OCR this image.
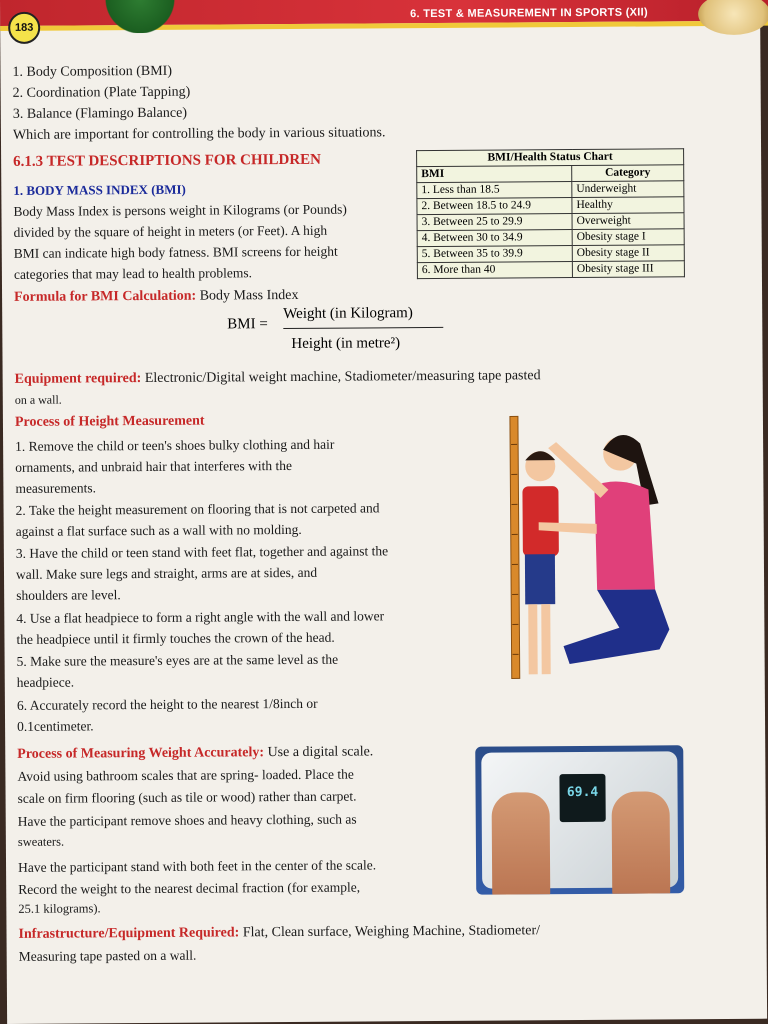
183
6. TEST & MEASUREMENT IN SPORTS (XII)
1. Body Composition (BMI)
2. Coordination (Plate Tapping)
3. Balance (Flamingo Balance)
Which are important for controlling the body in various situations.
6.1.3 TEST DESCRIPTIONS FOR CHILDREN
1. BODY MASS INDEX (BMI)
Body Mass Index is persons weight in Kilograms (or Pounds)
divided by the square of height in meters (or Feet). A high
BMI can indicate high body fatness. BMI screens for height
categories that may lead to health problems.
BMI/Health Status Chart	
BMI	Category
1. Less than 18.5	Underweight
2. Between 18.5 to 24.9	Healthy
3. Between 25 to 29.9	Overweight
4. Between 30 to 34.9	Obesity stage I
5. Between 35 to 39.9	Obesity stage II
6. More than 40	Obesity stage III
Formula for BMI Calculation: Body Mass Index
BMI =
Weight (in Kilogram)
Height (in metre²)
Equipment required: Electronic/Digital weight machine, Stadiometer/measuring tape pasted
on a wall.
Process of Height Measurement
1. Remove the child or teen's shoes bulky clothing and hair
ornaments, and unbraid hair that interferes with the
measurements.
2. Take the height measurement on flooring that is not carpeted and
against a flat surface such as a wall with no molding.
3. Have the child or teen stand with feet flat, together and against the
wall. Make sure legs and straight, arms are at sides, and
shoulders are level.
4. Use a flat headpiece to form a right angle with the wall and lower
the headpiece until it firmly touches the crown of the head.
5. Make sure the measure's eyes are at the same level as the
headpiece.
6. Accurately record the height to the nearest 1/8inch or
0.1centimeter.
Process of Measuring Weight Accurately: Use a digital scale.
Avoid using bathroom scales that are spring- loaded. Place the
scale on firm flooring (such as tile or wood) rather than carpet.
Have the participant remove shoes and heavy clothing, such as
sweaters.
Have the participant stand with both feet in the center of the scale.
Record the weight to the nearest decimal fraction (for example,
25.1 kilograms).
69.4
Infrastructure/Equipment Required: Flat, Clean surface, Weighing Machine, Stadiometer/
Measuring tape pasted on a wall.
